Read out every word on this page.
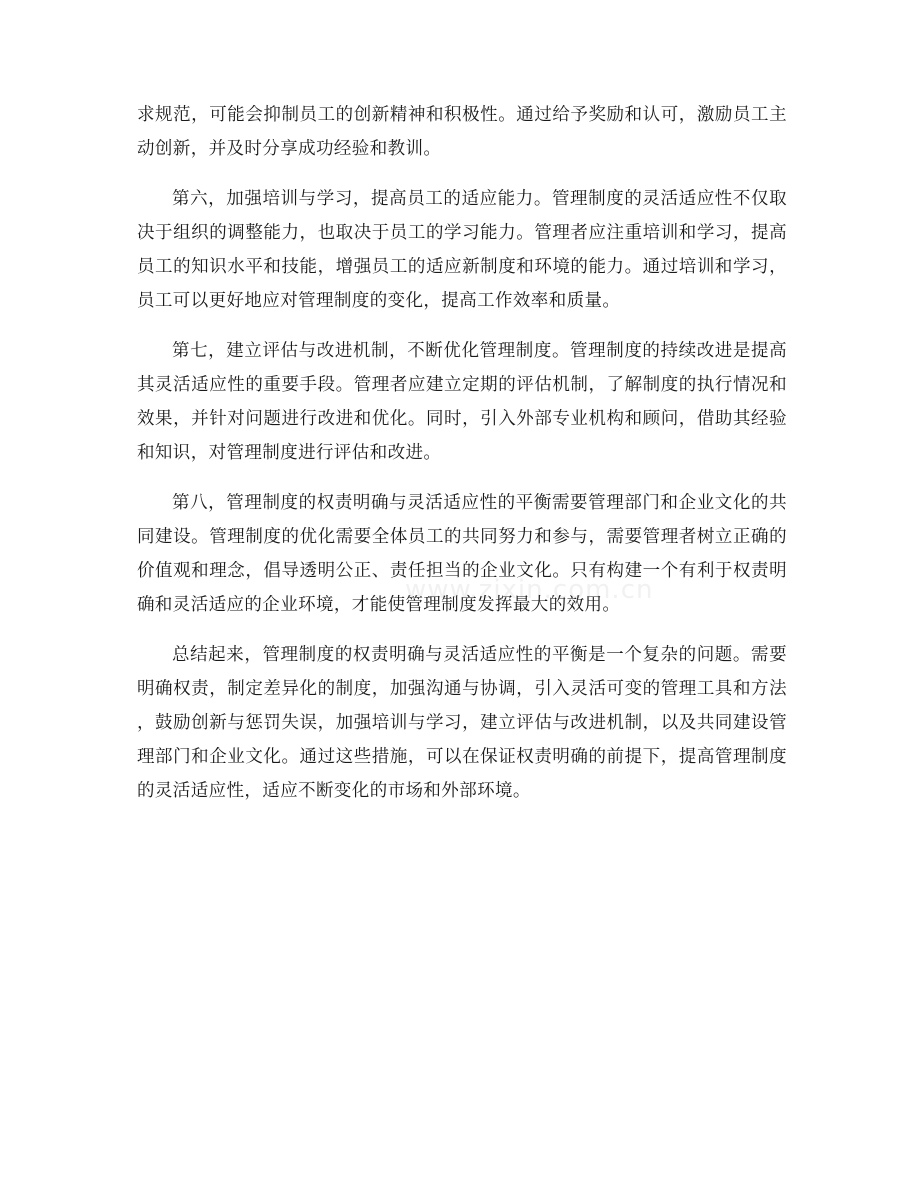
求规范，可能会抑制员工的创新精神和积极性。通过给予奖励和认可，激励员工主
动创新，并及时分享成功经验和教训。
第六，加强培训与学习，提高员工的适应能力。管理制度的灵活适应性不仅取
决于组织的调整能力，也取决于员工的学习能力。管理者应注重培训和学习，提高
员工的知识水平和技能，增强员工的适应新制度和环境的能力。通过培训和学习，
员工可以更好地应对管理制度的变化，提高工作效率和质量。
第七，建立评估与改进机制，不断优化管理制度。管理制度的持续改进是提高
其灵活适应性的重要手段。管理者应建立定期的评估机制，了解制度的执行情况和
效果，并针对问题进行改进和优化。同时，引入外部专业机构和顾问，借助其经验
和知识，对管理制度进行评估和改进。
第八，管理制度的权责明确与灵活适应性的平衡需要管理部门和企业文化的共
同建设。管理制度的优化需要全体员工的共同努力和参与，需要管理者树立正确的
价值观和理念，倡导透明公正、责任担当的企业文化。只有构建一个有利于权责明
确和灵活适应的企业环境，才能使管理制度发挥最大的效用。
总结起来，管理制度的权责明确与灵活适应性的平衡是一个复杂的问题。需要
明确权责，制定差异化的制度，加强沟通与协调，引入灵活可变的管理工具和方法
，鼓励创新与惩罚失误，加强培训与学习，建立评估与改进机制，以及共同建设管
理部门和企业文化。通过这些措施，可以在保证权责明确的前提下，提高管理制度
的灵活适应性，适应不断变化的市场和外部环境。
www.zixin.com.cn
